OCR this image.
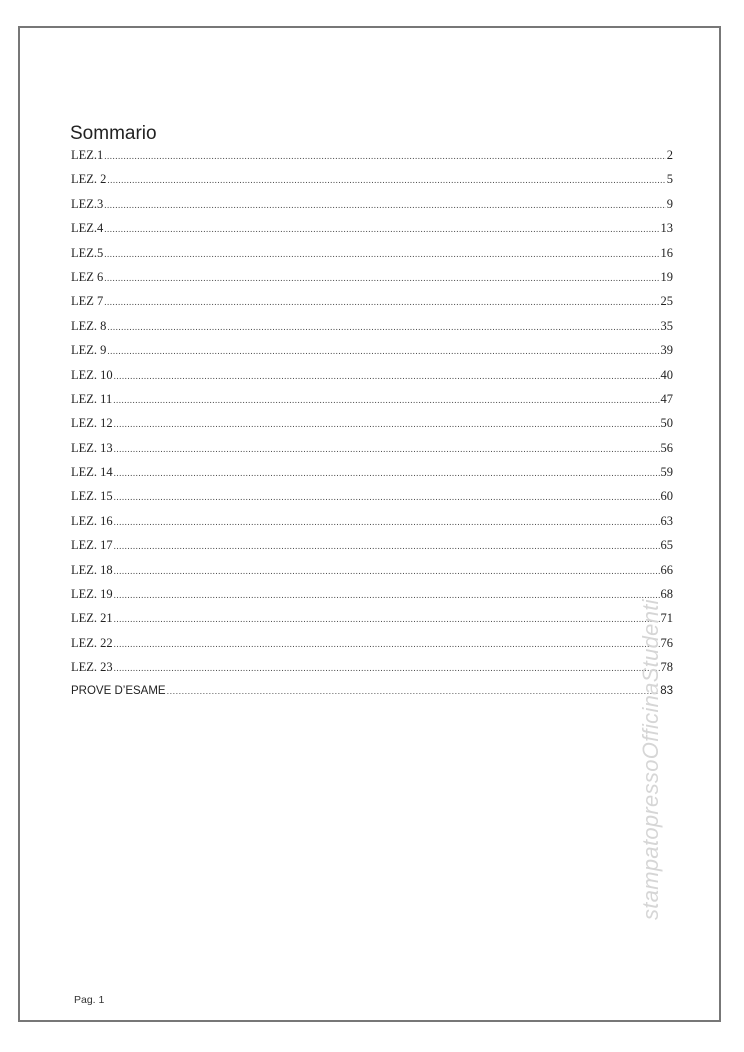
Sommario
LEZ.1 .....	2
LEZ. 2 .....	5
LEZ.3 .....	9
LEZ.4 .....	13
LEZ.5 .....	16
LEZ 6 .....	19
LEZ 7 .....	25
LEZ. 8 .....	35
LEZ. 9 .....	39
LEZ. 10 .....	40
LEZ. 11 .....	47
LEZ. 12 .....	50
LEZ. 13 .....	56
LEZ. 14 .....	59
LEZ. 15 .....	60
LEZ. 16 .....	63
LEZ. 17 .....	65
LEZ. 18 .....	66
LEZ. 19 .....	68
LEZ. 21 .....	71
LEZ. 22 .....	76
LEZ. 23 .....	78
PROVE D’ESAME .....	83
stampatopressoOfficinaStudenti
Pag. 1
